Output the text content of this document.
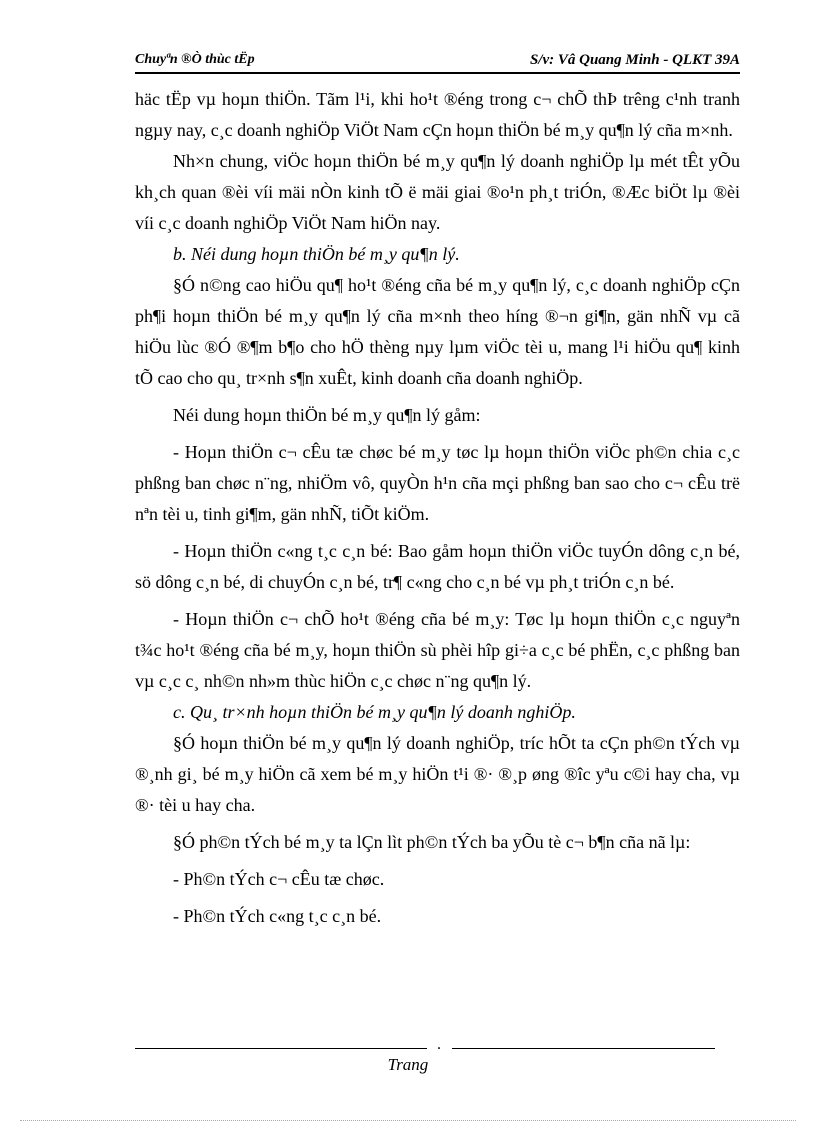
Chuyªn ®Ò thùc tËp	S/v: Vâ Quang Minh - QLKT 39A

häc tËp vµ hoµn thiÖn. Tãm l¹i, khi ho¹t ®éng trong c¬ chÕ thÞ trêng c¹nh tranh ngµy nay, c¸c doanh nghiÖp ViÖt Nam cÇn hoµn thiÖn bé m¸y qu¶n lý cña m×nh.

Nh×n chung, viÖc hoµn thiÖn bé m¸y qu¶n lý doanh nghiÖp lµ mét tÊt yÕu kh¸ch quan ®èi víi mäi nÒn kinh tÕ ë mäi giai ®o¹n ph¸t triÓn, ®Æc biÖt lµ ®èi víi c¸c doanh nghiÖp ViÖt Nam hiÖn nay.

b. Néi dung hoµn thiÖn bé m¸y qu¶n lý.

§Ó n©ng cao hiÖu qu¶ ho¹t ®éng cña bé m¸y qu¶n lý, c¸c doanh nghiÖp cÇn ph¶i hoµn thiÖn bé m¸y qu¶n lý cña m×nh theo híng ®¬n gi¶n, gän nhÑ vµ cã hiÖu lùc ®Ó ®¶m b¶o cho hÖ thèng nµy lµm viÖc tèi u, mang l¹i hiÖu qu¶ kinh tÕ cao cho qu¸ tr×nh s¶n xuÊt, kinh doanh cña doanh nghiÖp.

Néi dung hoµn thiÖn bé m¸y qu¶n lý gåm:

- Hoµn thiÖn c¬ cÊu tæ chøc bé m¸y tøc lµ hoµn thiÖn viÖc ph©n chia c¸c phßng ban chøc n¨ng, nhiÖm vô, quyÒn h¹n cña mçi phßng ban sao cho c¬ cÊu trë nªn tèi u, tinh gi¶m, gän nhÑ, tiÕt kiÖm.

- Hoµn thiÖn c«ng t¸c c¸n bé: Bao gåm hoµn thiÖn viÖc tuyÓn dông c¸n bé, sö dông c¸n bé, di chuyÓn c¸n bé, tr¶ c«ng cho c¸n bé vµ ph¸t triÓn c¸n bé.

- Hoµn thiÖn c¬ chÕ ho¹t ®éng cña bé m¸y: Tøc lµ hoµn thiÖn c¸c nguyªn t¾c ho¹t ®éng cña bé m¸y, hoµn thiÖn sù phèi hîp gi÷a c¸c bé phËn, c¸c phßng ban vµ c¸c c¸ nh©n nh»m thùc hiÖn c¸c chøc n¨ng qu¶n lý.

c. Qu¸ tr×nh hoµn thiÖn bé m¸y qu¶n lý doanh nghiÖp.

§Ó hoµn thiÖn bé m¸y qu¶n lý doanh nghiÖp, tríc hÕt ta cÇn ph©n tÝch vµ ®¸nh gi¸ bé m¸y hiÖn cã xem bé m¸y hiÖn t¹i ®· ®¸p øng ®îc yªu c©i hay cha, vµ ®· tèi u hay cha.

§Ó ph©n tÝch bé m¸y ta lÇn lìt ph©n tÝch ba yÕu tè c¬ b¶n cña nã lµ:

- Ph©n tÝch c¬ cÊu tæ chøc.

- Ph©n tÝch c«ng t¸c c¸n bé.

.
Trang
